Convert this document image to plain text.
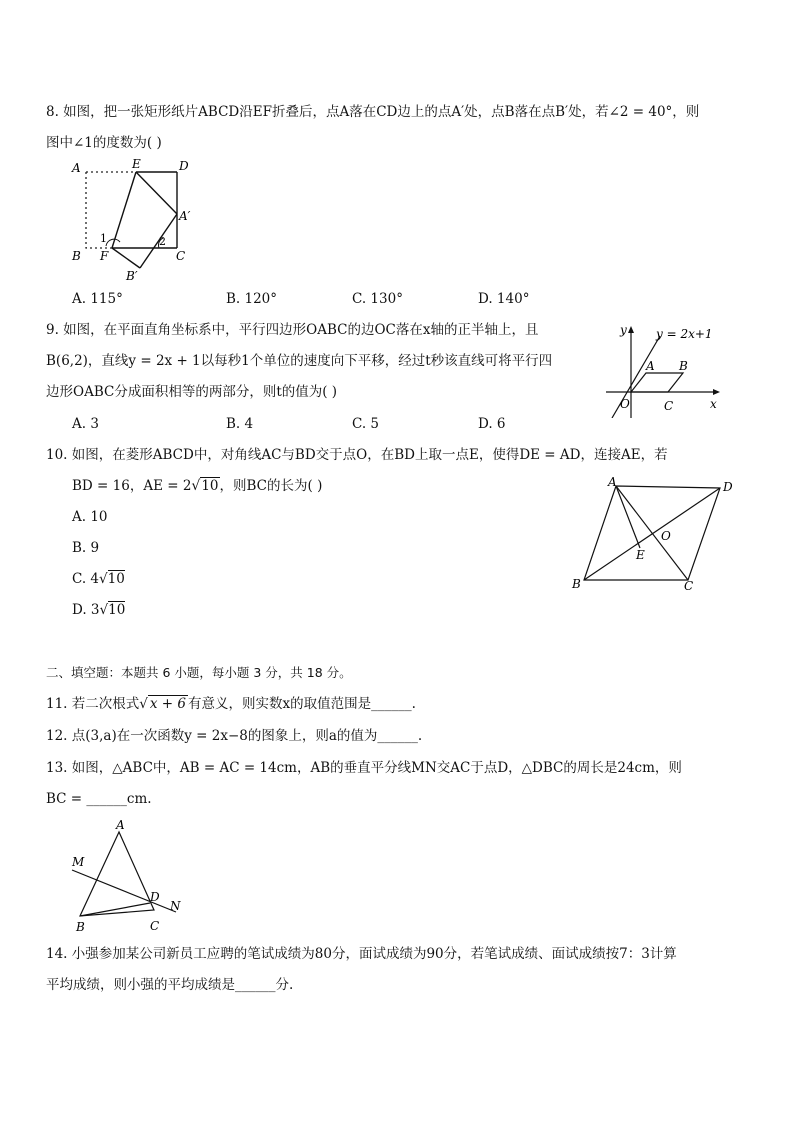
8. 如图，把一张矩形纸片ABCD沿EF折叠后，点A落在CD边上的点A′处，点B落在点B′处，若∠2 = 40°，则
图中∠1的度数为( )
A	E	D
A′
B F	C
B′
1	2
A. 115°	B. 120°	C. 130°	D. 140°
9. 如图，在平面直角坐标系中，平行四边形OABC的边OC落在x轴的正半轴上，且
B(6,2)，直线y = 2x + 1以每秒1个单位的速度向下平移，经过t秒该直线可将平行四
边形OABC分成面积相等的两部分，则t的值为( )
y y = 2x+1
A B
O	C	x
A. 3	B. 4	C. 5	D. 6
10. 如图，在菱形ABCD中，对角线AC与BD交于点O，在BD上取一点E，使得DE = AD，连接AE，若
BD = 16，AE = 2√10，则BC的长为( )
A. 10
B. 9
C. 4√10
D. 3√10
A	D
O
E
B	C
二、填空题：本题共 6 小题，每小题 3 分，共 18 分。
11. 若二次根式√ x + 6 有意义，则实数x的取值范围是______.
12. 点(3,a)在一次函数y = 2x−8的图象上，则a的值为______.
13. 如图，△ABC中，AB = AC = 14cm，AB的垂直平分线MN交AC于点D，△DBC的周长是24cm，则
BC = ______cm.
A
M
D
N
B	C
14. 小强参加某公司新员工应聘的笔试成绩为80分，面试成绩为90分，若笔试成绩、面试成绩按7：3计算
平均成绩，则小强的平均成绩是______分.
